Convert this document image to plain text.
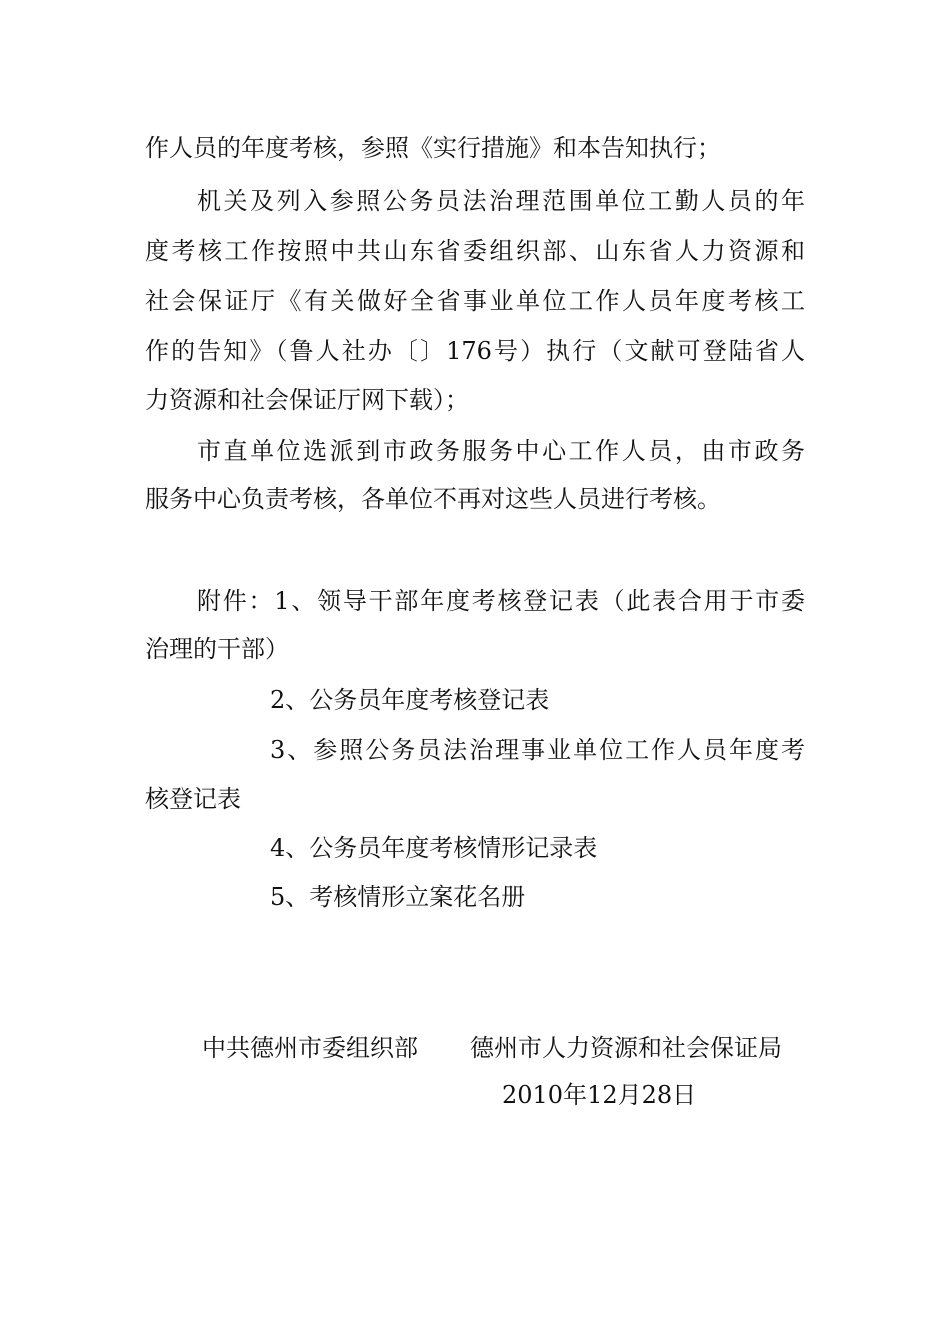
作人员的年度考核，参照《实行措施》和本告知执行；
机关及列入参照公务员法治理范围单位工勤人员的年
度考核工作按照中共山东省委组织部、山东省人力资源和
社会保证厅《有关做好全省事业单位工作人员年度考核工
作的告知》（鲁人社办〔〕176号）执行（文献可登陆省人
力资源和社会保证厅网下载）；
市直单位选派到市政务服务中心工作人员，由市政务
服务中心负责考核，各单位不再对这些人员进行考核。
附件：1、领导干部年度考核登记表（此表合用于市委
治理的干部）
2、公务员年度考核登记表
3、参照公务员法治理事业单位工作人员年度考
核登记表
4、公务员年度考核情形记录表
5、考核情形立案花名册
中共德州市委组织部 德州市人力资源和社会保证局
2010年12月28日
